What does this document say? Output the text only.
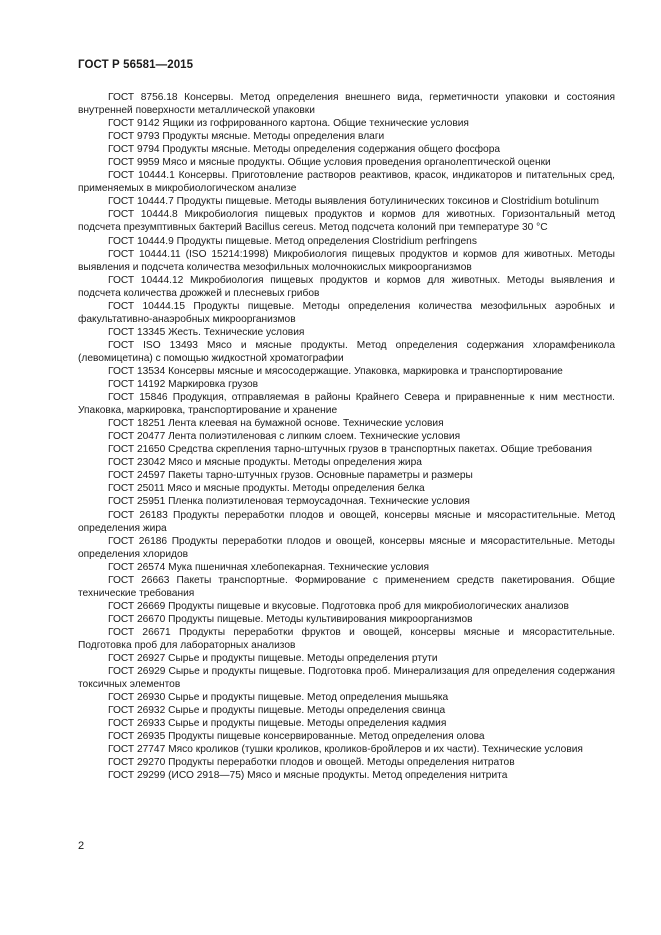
ГОСТ Р 56581—2015

ГОСТ 8756.18 Консервы. Метод определения внешнего вида, герметичности упаковки и состояния внутренней поверхности металлической упаковки

ГОСТ 9142 Ящики из гофрированного картона. Общие технические условия

ГОСТ 9793 Продукты мясные. Методы определения влаги

ГОСТ 9794 Продукты мясные. Методы определения содержания общего фосфора

ГОСТ 9959 Мясо и мясные продукты. Общие условия проведения органолептической оценки

ГОСТ 10444.1 Консервы. Приготовление растворов реактивов, красок, индикаторов и питательных сред, применяемых в микробиологическом анализе

ГОСТ 10444.7 Продукты пищевые. Методы выявления ботулинических токсинов и Clostridium botulinum

ГОСТ 10444.8 Микробиология пищевых продуктов и кормов для животных. Горизонтальный метод подсчета презумптивных бактерий Bacillus cereus. Метод подсчета колоний при температуре 30 °С

ГОСТ 10444.9 Продукты пищевые. Метод определения Clostridium perfringens

ГОСТ 10444.11 (ISO 15214:1998) Микробиология пищевых продуктов и кормов для животных. Методы выявления и подсчета количества мезофильных молочнокислых микроорганизмов

ГОСТ 10444.12 Микробиология пищевых продуктов и кормов для животных. Методы выявления и подсчета количества дрожжей и плесневых грибов

ГОСТ 10444.15 Продукты пищевые. Методы определения количества мезофильных аэробных и факультативно-анаэробных микроорганизмов

ГОСТ 13345 Жесть. Технические условия

ГОСТ ISO 13493 Мясо и мясные продукты. Метод определения содержания хлорамфеникола (левомицетина) с помощью жидкостной хроматографии

ГОСТ 13534 Консервы мясные и мясосодержащие. Упаковка, маркировка и транспортирование

ГОСТ 14192 Маркировка грузов

ГОСТ 15846 Продукция, отправляемая в районы Крайнего Севера и приравненные к ним местности. Упаковка, маркировка, транспортирование и хранение

ГОСТ 18251 Лента клеевая на бумажной основе. Технические условия

ГОСТ 20477 Лента полиэтиленовая с липким слоем. Технические условия

ГОСТ 21650 Средства скрепления тарно-штучных грузов в транспортных пакетах. Общие требования

ГОСТ 23042 Мясо и мясные продукты. Методы определения жира

ГОСТ 24597 Пакеты тарно-штучных грузов. Основные параметры и размеры

ГОСТ 25011 Мясо и мясные продукты. Методы определения белка

ГОСТ 25951 Пленка полиэтиленовая термоусадочная. Технические условия

ГОСТ 26183 Продукты переработки плодов и овощей, консервы мясные и мясорастительные. Метод определения жира

ГОСТ 26186 Продукты переработки плодов и овощей, консервы мясные и мясорастительные. Методы определения хлоридов

ГОСТ 26574 Мука пшеничная хлебопекарная. Технические условия

ГОСТ 26663 Пакеты транспортные. Формирование с применением средств пакетирования. Общие технические требования

ГОСТ 26669 Продукты пищевые и вкусовые. Подготовка проб для микробиологических анализов

ГОСТ 26670 Продукты пищевые. Методы культивирования микроорганизмов

ГОСТ 26671 Продукты переработки фруктов и овощей, консервы мясные и мясорастительные. Подготовка проб для лабораторных анализов

ГОСТ 26927 Сырье и продукты пищевые. Методы определения ртути

ГОСТ 26929 Сырье и продукты пищевые. Подготовка проб. Минерализация для определения содержания токсичных элементов

ГОСТ 26930 Сырье и продукты пищевые. Метод определения мышьяка

ГОСТ 26932 Сырье и продукты пищевые. Методы определения свинца

ГОСТ 26933 Сырье и продукты пищевые. Методы определения кадмия

ГОСТ 26935 Продукты пищевые консервированные. Метод определения олова

ГОСТ 27747 Мясо кроликов (тушки кроликов, кроликов-бройлеров и их части). Технические условия

ГОСТ 29270 Продукты переработки плодов и овощей. Методы определения нитратов

ГОСТ 29299 (ИСО 2918—75) Мясо и мясные продукты. Метод определения нитрита

2
